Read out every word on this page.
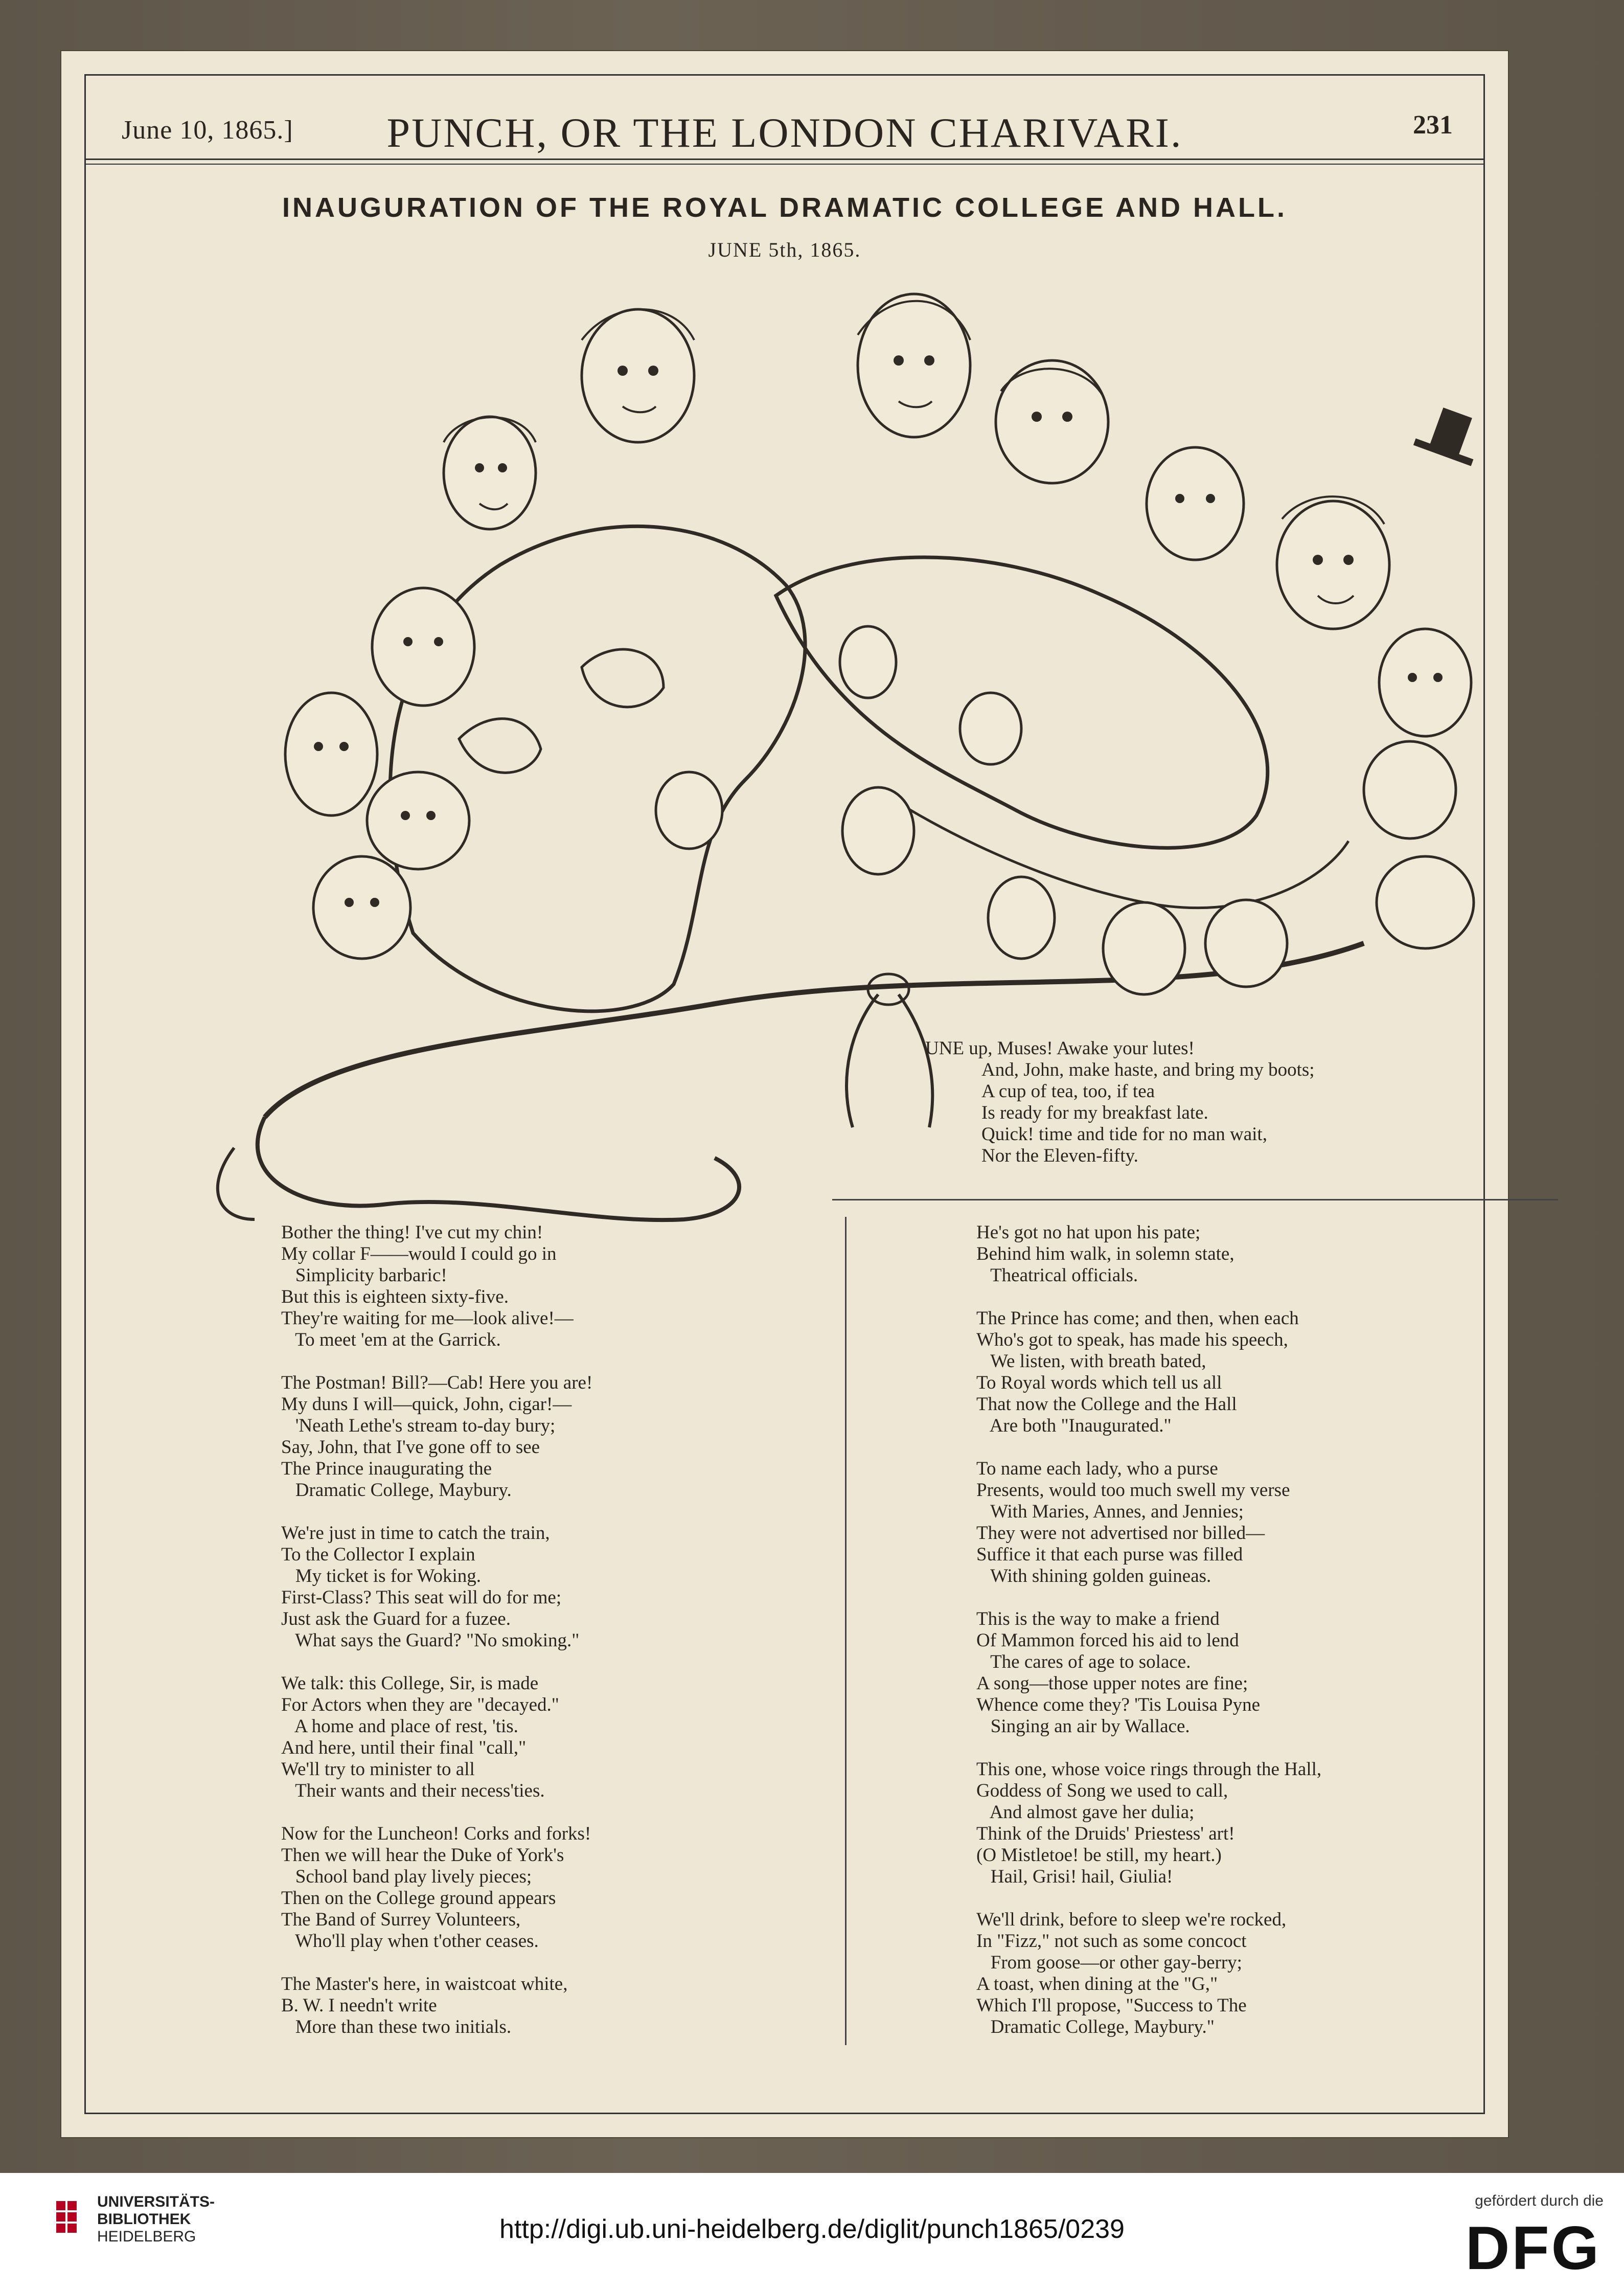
June 10, 1865.]	PUNCH, OR THE LONDON CHARIVARI.	231
INAUGURATION OF THE ROYAL DRAMATIC COLLEGE AND HALL.
JUNE 5th, 1865.
UNE up, Muses! Awake your lutes!
And, John, make haste, and bring my boots;
A cup of tea, too, if tea
Is ready for my breakfast late.
Quick! time and tide for no man wait,
Nor the Eleven-fifty.
Bother the thing! I've cut my chin!
My collar F——would I could go in
Simplicity barbaric!
But this is eighteen sixty-five.
They're waiting for me—look alive!—
To meet 'em at the Garrick.
The Postman! Bill?—Cab! Here you are!
My duns I will—quick, John, cigar!—
'Neath Lethe's stream to-day bury;
Say, John, that I've gone off to see
The Prince inaugurating the
Dramatic College, Maybury.
We're just in time to catch the train,
To the Collector I explain
My ticket is for Woking.
First-Class? This seat will do for me;
Just ask the Guard for a fuzee.
What says the Guard? "No smoking."
We talk: this College, Sir, is made
For Actors when they are "decayed."
A home and place of rest, 'tis.
And here, until their final "call,"
We'll try to minister to all
Their wants and their necess'ties.
Now for the Luncheon! Corks and forks!
Then we will hear the Duke of York's
School band play lively pieces;
Then on the College ground appears
The Band of Surrey Volunteers,
Who'll play when t'other ceases.
The Master's here, in waistcoat white,
B. W. I needn't write
More than these two initials.
He's got no hat upon his pate;
Behind him walk, in solemn state,
Theatrical officials.
The Prince has come; and then, when each
Who's got to speak, has made his speech,
We listen, with breath bated,
To Royal words which tell us all
That now the College and the Hall
Are both "Inaugurated."
To name each lady, who a purse
Presents, would too much swell my verse
With Maries, Annes, and Jennies;
They were not advertised nor billed—
Suffice it that each purse was filled
With shining golden guineas.
This is the way to make a friend
Of Mammon forced his aid to lend
The cares of age to solace.
A song—those upper notes are fine;
Whence come they? 'Tis Louisa Pyne
Singing an air by Wallace.
This one, whose voice rings through the Hall,
Goddess of Song we used to call,
And almost gave her dulia;
Think of the Druids' Priestess' art!
(O Mistletoe! be still, my heart.)
Hail, Grisi! hail, Giulia!
We'll drink, before to sleep we're rocked,
In "Fizz," not such as some concoct
From goose—or other gay-berry;
A toast, when dining at the "G,"
Which I'll propose, "Success to The
Dramatic College, Maybury."
UNIVERSITÄTS-
BIBLIOTHEK
HEIDELBERG	http://digi.ub.uni-heidelberg.de/diglit/punch1865/0239
gefördert durch die
DFG
